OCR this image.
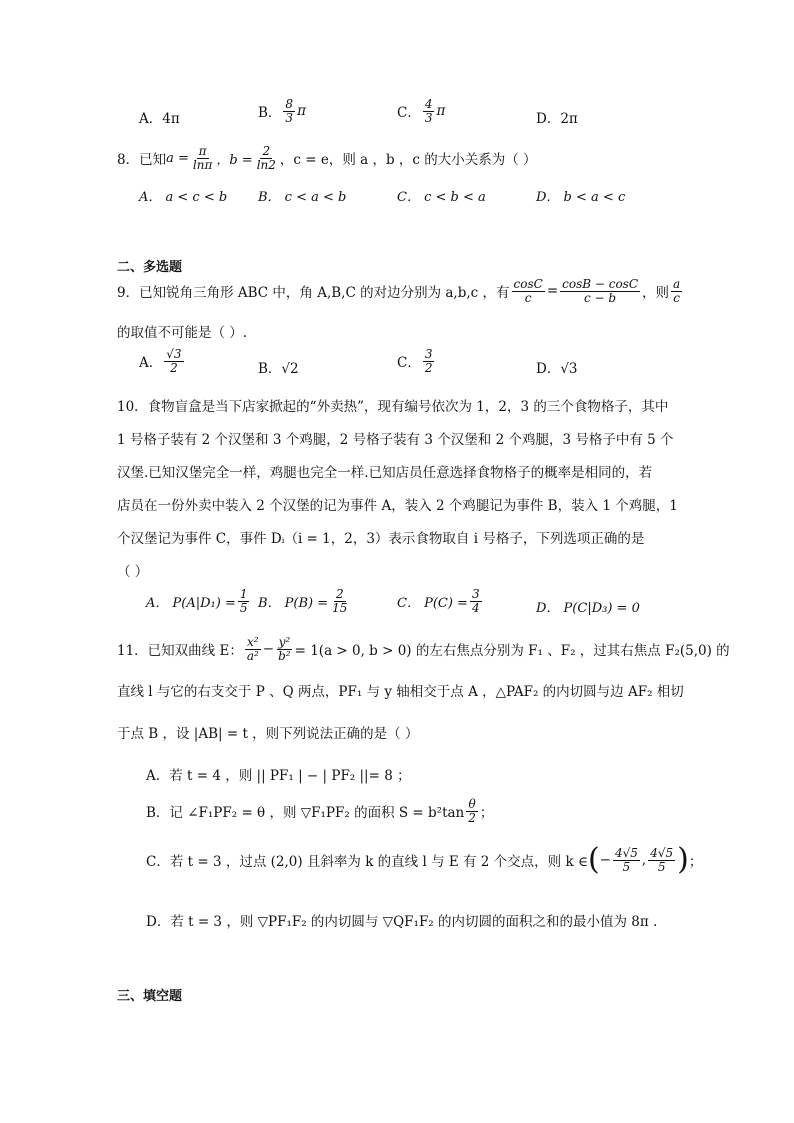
A．4π	B． $\frac{8}{3}$ π	C． $\frac{4}{3}$ π	D．2π
8．已知 $a = \frac{\pi}{\ln\pi}$ ，$b = \frac{2}{\ln 2}$ ，c = e，则 a ，b ，c 的大小关系为（ ）
A． a < c < b B． c < a < b	C． c < b < a	D． b < a < c
二、多选题
9．已知锐角三角形 ABC 中，角 A,B,C 的对边分别为 a,b,c ，有 $\frac{\cos C}{c} = \frac{\cos B - \cos C}{c - b}$ ，则 $\frac{a}{c}$
的取值不可能是（ ）.
A． $\frac{√3}{2}$	B．√2	C． $\frac{3}{2}$	D．√3
10．食物盲盒是当下店家掀起的“外卖热”，现有编号依次为 1，2，3 的三个食物格子，其中
1 号格子装有 2 个汉堡和 3 个鸡腿，2 号格子装有 3 个汉堡和 2 个鸡腿，3 号格子中有 5 个
汉堡.已知汉堡完全一样，鸡腿也完全一样.已知店员任意选择食物格子的概率是相同的，若
店员在一份外卖中装入 2 个汉堡的记为事件 A，装入 2 个鸡腿记为事件 B，装入 1 个鸡腿，1
个汉堡记为事件 C，事件 Dᵢ（i = 1，2，3）表示食物取自 i 号格子，下列选项正确的是
（ ）
A． $P(A|D_1) = \frac{1}{5}$ B． $P(B) = \frac{2}{15}$	C． $P(C) = \frac{3}{4}$	D． P(C|D₃) = 0
11．已知双曲线 E： $\frac{\text{x²}}{\text{a²}} - \frac{\text{y²}}{\text{b²}} = 1(a > 0$, b > 0) 的左右焦点分别为 F₁ 、F₂ ，过其右焦点 F₂(5,0) 的
直线 l 与它的右支交于 P 、Q 两点，PF₁ 与 y 轴相交于点 A ，△PAF₂ 的内切圆与边 AF₂ 相切
于点 B ，设 |AB| = t ，则下列说法正确的是（ ）
A．若 t = 4 ，则 || PF₁ | − | PF₂ ||= 8 ；
B．记 ∠F₁PF₂ = θ ，则 ▽F₁PF₂ 的面积 $S = b^2\tan \frac{\theta}{2}$ ；
C．若 t = 3 ，过点 (2,0) 且斜率为 k 的直线 l 与 E 有 2 个交点，则 k ∈ ( − $\frac{4√5}{5}$ , $\frac{4√5}{5}$ ) ；
D．若 t = 3 ，则 ▽PF₁F₂ 的内切圆与 ▽QF₁F₂ 的内切圆的面积之和的最小值为 8π .
三、填空题
